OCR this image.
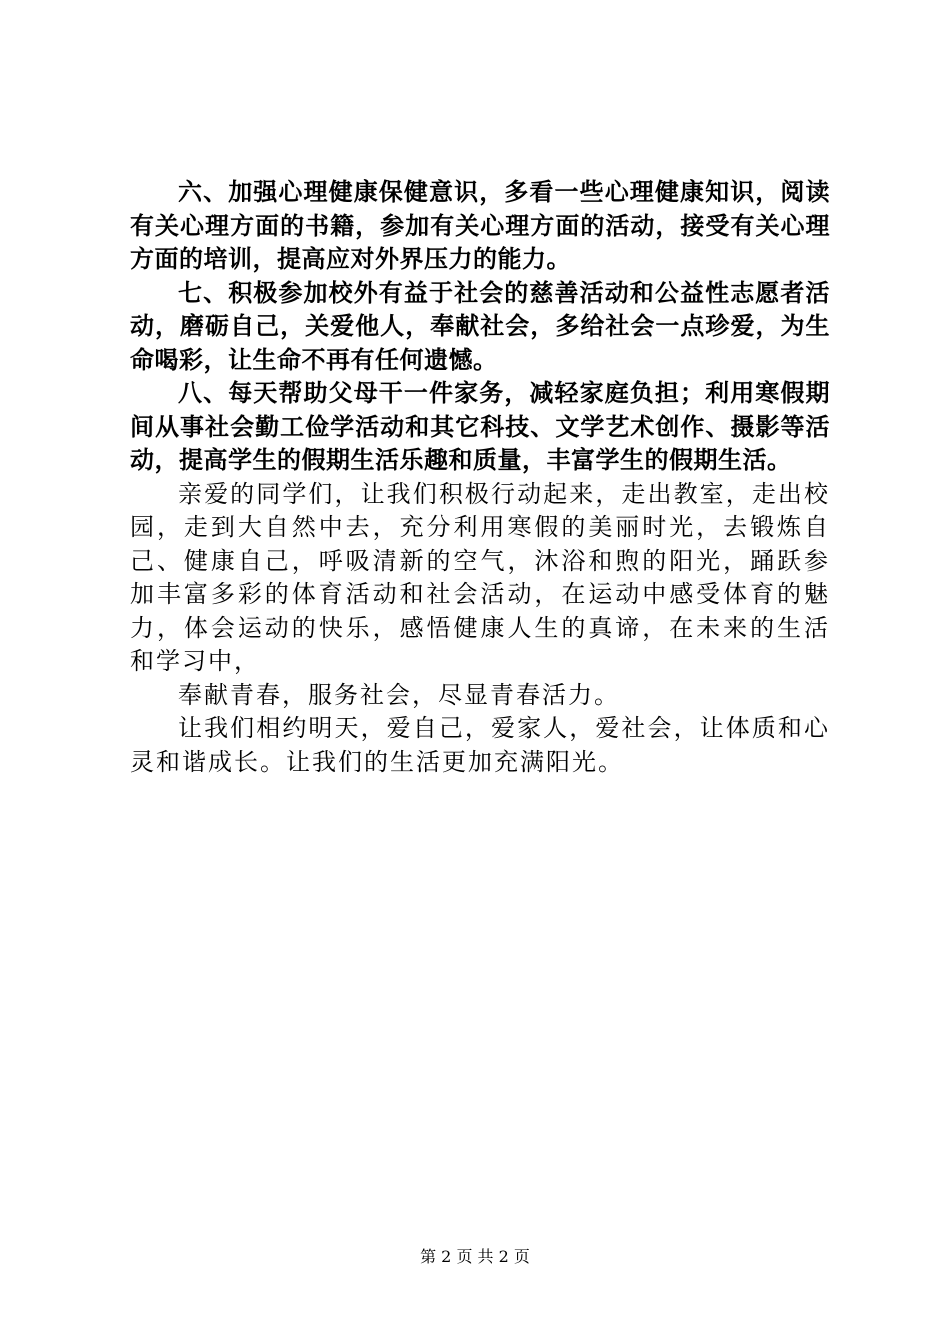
六、加强心理健康保健意识，多看一些心理健康知识，阅读有关心理方面的书籍，参加有关心理方面的活动，接受有关心理方面的培训，提高应对外界压力的能力。

七、积极参加校外有益于社会的慈善活动和公益性志愿者活动，磨砺自己，关爱他人，奉献社会，多给社会一点珍爱，为生命喝彩，让生命不再有任何遗憾。

八、每天帮助父母干一件家务，减轻家庭负担；利用寒假期间从事社会勤工俭学活动和其它科技、文学艺术创作、摄影等活动，提高学生的假期生活乐趣和质量，丰富学生的假期生活。

亲爱的同学们，让我们积极行动起来，走出教室，走出校园，走到大自然中去，充分利用寒假的美丽时光，去锻炼自己、健康自己，呼吸清新的空气，沐浴和煦的阳光，踊跃参加丰富多彩的体育活动和社会活动，在运动中感受体育的魅力，体会运动的快乐，感悟健康人生的真谛，在未来的生活和学习中，

奉献青春，服务社会，尽显青春活力。

让我们相约明天，爱自己，爱家人，爱社会，让体质和心灵和谐成长。让我们的生活更加充满阳光。

第 2 页 共 2 页
